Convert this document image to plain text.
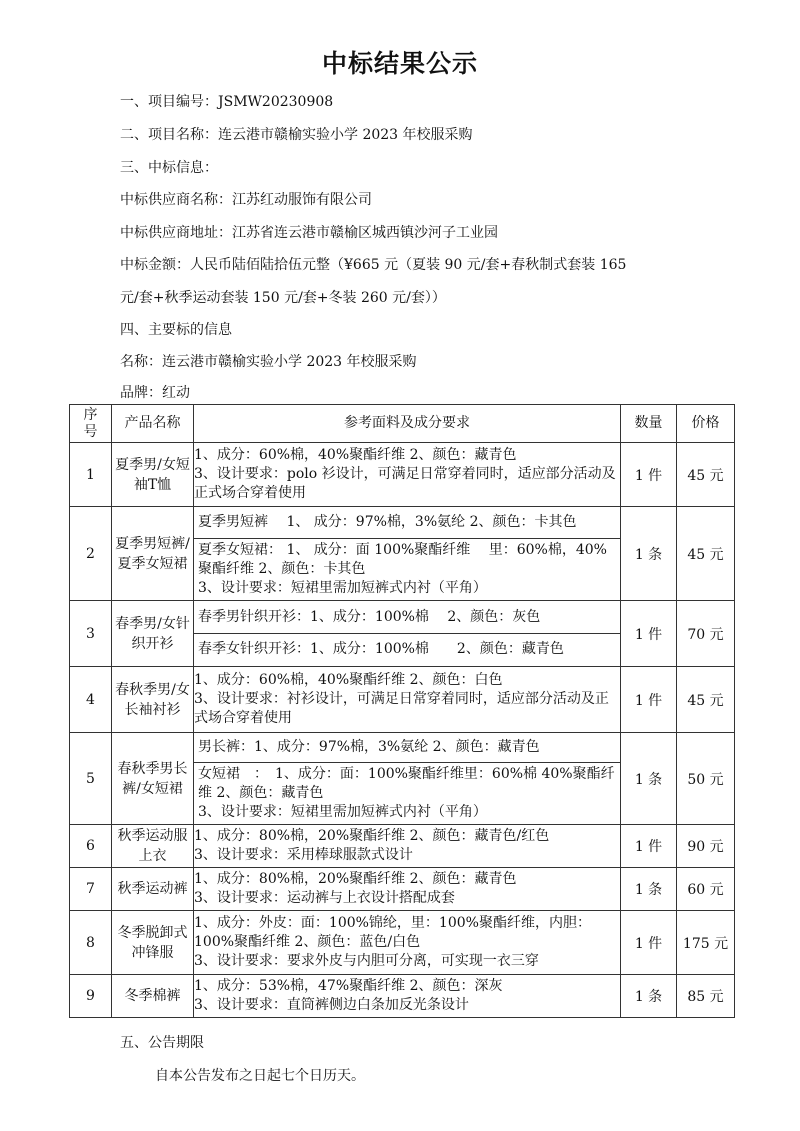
中标结果公示
一、项目编号：JSMW20230908
二、项目名称：连云港市赣榆实验小学 2023 年校服采购
三、中标信息：
中标供应商名称：江苏红动服饰有限公司
中标供应商地址：江苏省连云港市赣榆区城西镇沙河子工业园
中标金额：人民币陆佰陆拾伍元整（¥665 元（夏装 90 元/套+春秋制式套装 165
元/套+秋季运动套装 150 元/套+冬装 260 元/套））
四、主要标的信息
名称：连云港市赣榆实验小学 2023 年校服采购
品牌：红动
序号	产品名称	参考面料及成分要求	数量	价格
1	夏季男/女短袖T恤	1、成分：60%棉，40%聚酯纤维 2、颜色：藏青色
3、设计要求：polo 衫设计，可满足日常穿着同时，适应部分活动及正式场合穿着使用	1 件	45 元
2	夏季男短裤/夏季女短裙	夏季男短裤　 1、 成分：97%棉，3%氨纶 2、颜色：卡其色
夏季女短裙： 1、 成分：面 100%聚酯纤维　 里：60%棉，40%聚酯纤维 2、颜色：卡其色
3、设计要求：短裙里需加短裤式内衬（平角）	1 条	45 元
3	春季男/女针织开衫	春季男针织开衫：1、成分：100%棉　 2、颜色：灰色
春季女针织开衫：1、成分：100%棉　　2、颜色：藏青色	1 件	70 元
4	春秋季男/女长袖衬衫	1、成分：60%棉，40%聚酯纤维 2、颜色：白色
3、设计要求：衬衫设计，可满足日常穿着同时，适应部分活动及正式场合穿着使用	1 件	45 元
5	春秋季男长裤/女短裙	男长裤：1、成分：97%棉，3%氨纶 2、颜色：藏青色
女短裙　：　1、成分：面：100%聚酯纤维里：60%棉 40%聚酯纤维 2、颜色：藏青色
3、设计要求：短裙里需加短裤式内衬（平角）	1 条	50 元
6	秋季运动服上衣	1、成分：80%棉，20%聚酯纤维 2、颜色：藏青色/红色
3、设计要求：采用棒球服款式设计	1 件	90 元
7	秋季运动裤	1、成分：80%棉，20%聚酯纤维 2、颜色：藏青色
3、设计要求：运动裤与上衣设计搭配成套	1 条	60 元
8	冬季脱卸式冲锋服	1、成分：外皮：面：100%锦纶，里：100%聚酯纤维，内胆：100%聚酯纤维 2、颜色：蓝色/白色
3、设计要求：要求外皮与内胆可分离，可实现一衣三穿	1 件	175 元
9	冬季棉裤	1、成分：53%棉，47%聚酯纤维 2、颜色：深灰
3、设计要求：直筒裤侧边白条加反光条设计	1 条	85 元
五、公告期限
自本公告发布之日起七个日历天。
